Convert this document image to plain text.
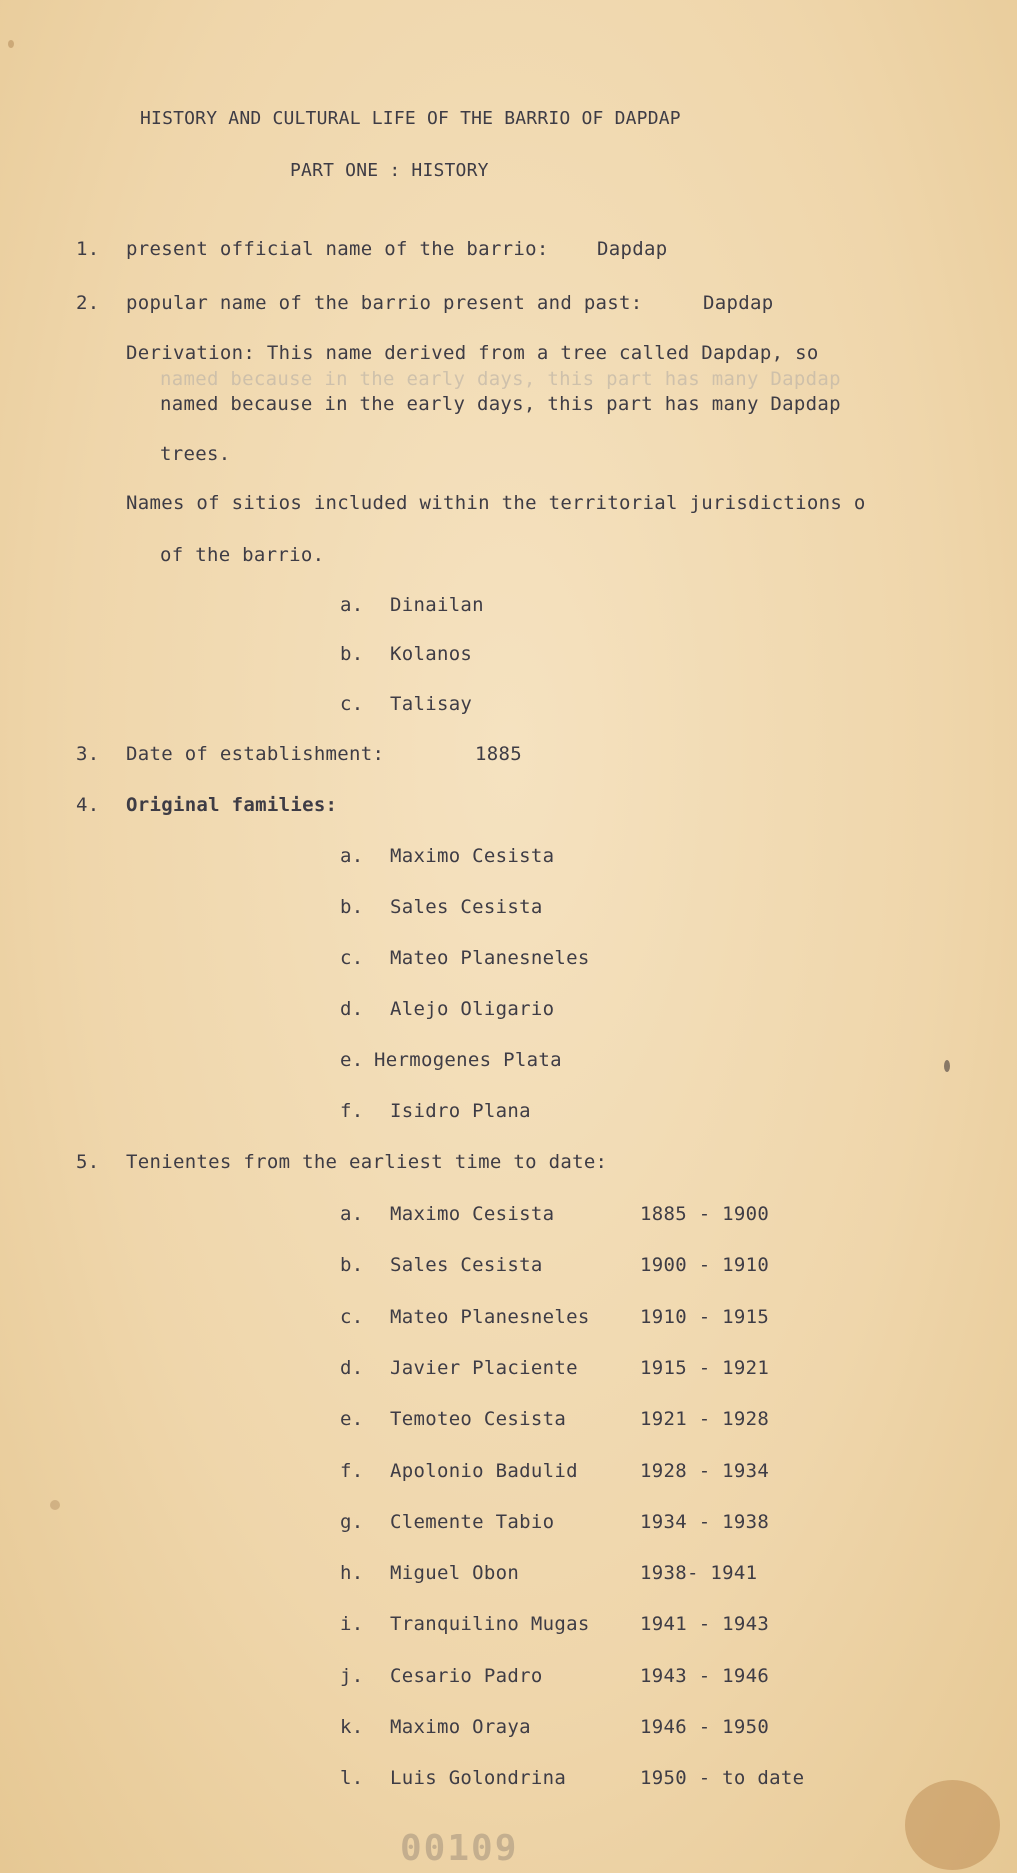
HISTORY AND CULTURAL LIFE OF THE BARRIO OF DAPDAP
PART ONE : HISTORY
1. present official name of the barrio:	Dapdap
2. popular name of the barrio present and past:	Dapdap
Derivation: This name derived from a tree called Dapdap, so
named because in the early days, this part has many Dapdap
named because in the early days, this part has many Dapdap
trees.
Names of sitios included within the territorial jurisdictions o
of the barrio.
a. Dinailan
b. Kolanos
c. Talisay
3. Date of establishment:	1885
4. Original families:
a. Maximo Cesista
b. Sales Cesista
c. Mateo Planesneles
d. Alejo Oligario
e. Hermogenes Plata
f. Isidro Plana
5. Tenientes from the earliest time to date:
a. Maximo Cesista	1885 - 1900
b. Sales Cesista	1900 - 1910
c. Mateo Planesneles	1910 - 1915
d. Javier Placiente	1915 - 1921
e. Temoteo Cesista	1921 - 1928
f. Apolonio Badulid	1928 - 1934
g. Clemente Tabio	1934 - 1938
h. Miguel Obon	1938- 1941
i. Tranquilino Mugas	1941 - 1943
j. Cesario Padro	1943 - 1946
k. Maximo Oraya	1946 - 1950
l. Luis Golondrina	1950 - to date
00109
